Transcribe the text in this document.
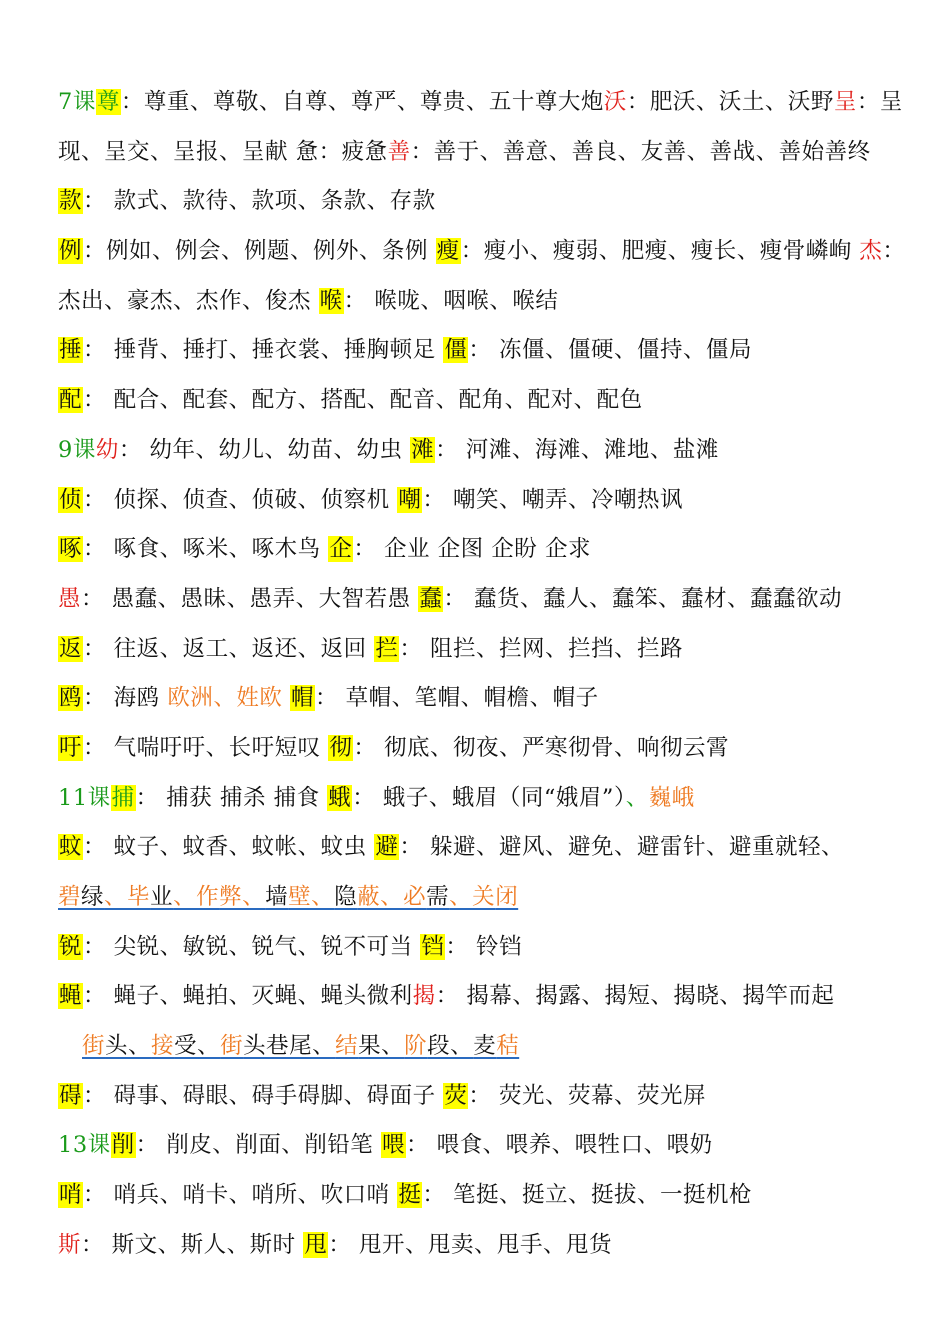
7课尊：尊重、尊敬、自尊、尊严、尊贵、五十尊大炮沃：肥沃、沃土、沃野呈：呈
现、呈交、呈报、呈献 惫：疲惫善：善于、善意、善良、友善、善战、善始善终
款： 款式、款待、款项、条款、存款
例：例如、例会、例题、例外、条例 瘦：瘦小、瘦弱、肥瘦、瘦长、瘦骨嶙峋 杰：
杰出、豪杰、杰作、俊杰 喉： 喉咙、咽喉、喉结
捶： 捶背、捶打、捶衣裳、捶胸顿足 僵： 冻僵、僵硬、僵持、僵局
配： 配合、配套、配方、搭配、配音、配角、配对、配色
9课幼： 幼年、幼儿、幼苗、幼虫 滩： 河滩、海滩、滩地、盐滩
侦： 侦探、侦查、侦破、侦察机 嘲： 嘲笑、嘲弄、冷嘲热讽
啄： 啄食、啄米、啄木鸟 企： 企业 企图 企盼 企求
愚： 愚蠢、愚昧、愚弄、大智若愚 蠢： 蠢货、蠢人、蠢笨、蠢材、蠢蠢欲动
返： 往返、返工、返还、返回 拦： 阻拦、拦网、拦挡、拦路
鸥： 海鸥 欧洲、姓欧 帽： 草帽、笔帽、帽檐、帽子
吁： 气喘吁吁、长吁短叹 彻： 彻底、彻夜、严寒彻骨、响彻云霄
11课捕： 捕获 捕杀 捕食 蛾： 蛾子、蛾眉（同“娥眉”）、巍峨
蚊： 蚊子、蚊香、蚊帐、蚊虫 避： 躲避、避风、避免、避雷针、避重就轻、
碧绿、毕业、作弊、墙壁、隐蔽、必需、关闭
锐： 尖锐、敏锐、锐气、锐不可当 铛： 铃铛
蝇： 蝇子、蝇拍、灭蝇、蝇头微利揭： 揭幕、揭露、揭短、揭晓、揭竿而起
街头、接受、街头巷尾、结果、阶段、麦秸
碍： 碍事、碍眼、碍手碍脚、碍面子 荧： 荧光、荧幕、荧光屏
13课削： 削皮、削面、削铅笔 喂： 喂食、喂养、喂牲口、喂奶
哨： 哨兵、哨卡、哨所、吹口哨 挺： 笔挺、挺立、挺拔、一挺机枪
斯： 斯文、斯人、斯时 甩： 甩开、甩卖、甩手、甩货
